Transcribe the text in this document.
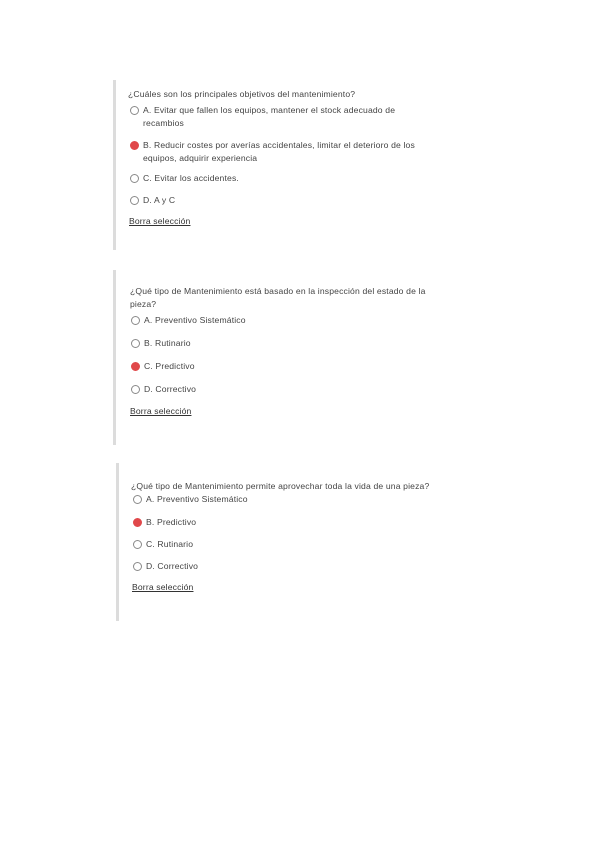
¿Cuáles son los principales objetivos del mantenimiento?
A. Evitar que fallen los equipos, mantener el stock adecuado de recambios
B. Reducir costes por averías accidentales, limitar el deterioro de los equipos, adquirir experiencia
C. Evitar los accidentes.
D. A y C
Borra selección
¿Qué tipo de Mantenimiento está basado en la inspección del estado de la pieza?
A. Preventivo Sistemático
B. Rutinario
C. Predictivo
D. Correctivo
Borra selección
¿Qué tipo de Mantenimiento permite aprovechar toda la vida de una pieza?
A. Preventivo Sistemático
B. Predictivo
C. Rutinario
D. Correctivo
Borra selección
